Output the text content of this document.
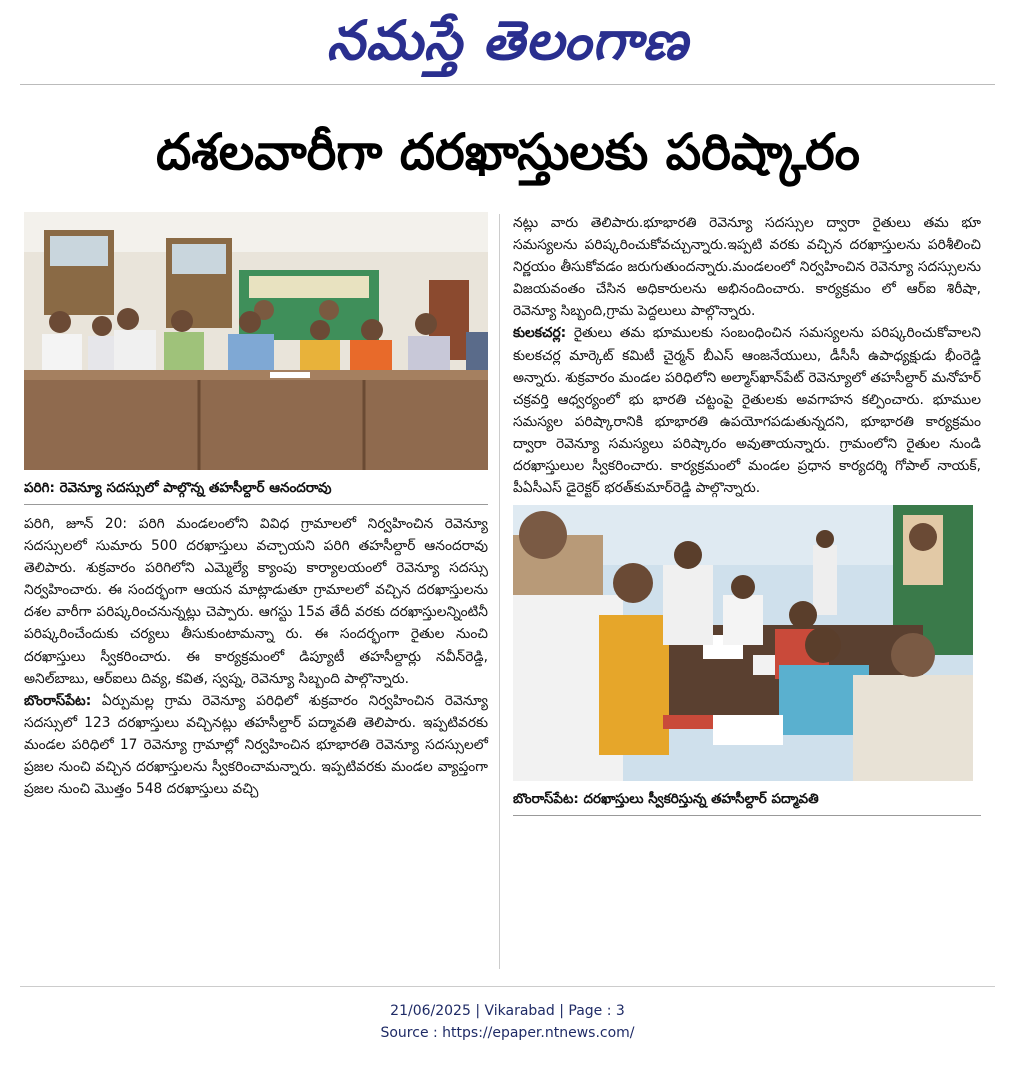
నమస్తే తెలంగాణ
దశలవారీగా దరఖాస్తులకు పరిష్కారం
పరిగి: రెవెన్యూ సదస్సులో పాల్గొన్న తహసీల్దార్ ఆనందరావు

పరిగి, జూన్ 20: పరిగి మండలంలోని వివిధ గ్రామాలలో నిర్వహించిన రెవెన్యూ సదస్సులలో సుమారు 500 దరఖాస్తులు వచ్చాయని పరిగి తహసీల్దార్ ఆనందరావు తెలిపారు. శుక్రవారం పరిగిలోని ఎమ్మెల్యే క్యాంపు కార్యాలయంలో రెవెన్యూ సదస్సు నిర్వహించారు. ఈ సందర్భంగా ఆయన మాట్లాడుతూ గ్రామాలలో వచ్చిన దరఖాస్తులను దశల వారీగా పరిష్కరించనున్నట్లు చెప్పారు. ఆగస్టు 15వ తేదీ వరకు దరఖాస్తులన్నింటినీ పరిష్కరించేందుకు చర్యలు తీసుకుంటామన్నా రు. ఈ సందర్భంగా రైతుల నుంచి దరఖాస్తులు స్వీకరించారు. ఈ కార్యక్రమంలో డిప్యూటీ తహసీల్దార్లు నవీన్‌రెడ్డి, అనిల్‌బాబు, ఆర్‌ఐలు దివ్య, కవిత, స్వప్న, రెవెన్యూ సిబ్బంది పాల్గొన్నారు.

బొంరాస్‌పేట: ఏర్పుమల్ల గ్రామ రెవెన్యూ పరిధిలో శుక్రవారం నిర్వహించిన రెవెన్యూ సదస్సులో 123 దరఖాస్తులు వచ్చినట్లు తహసీల్దార్ పద్మావతి తెలిపారు. ఇప్పటివరకు మండల పరిధిలో 17 రెవెన్యూ గ్రామాల్లో నిర్వహించిన భూభారతి రెవెన్యూ సదస్సులలో ప్రజల నుంచి వచ్చిన దరఖాస్తులను స్వీకరించామన్నారు. ఇప్పటివరకు మండల వ్యాప్తంగా ప్రజల నుంచి మొత్తం 548 దరఖాస్తులు వచ్చి

నట్లు వారు తెలిపారు.భూభారతి రెవెన్యూ సదస్సుల ద్వారా రైతులు తమ భూ సమస్యలను పరిష్కరించుకోవచ్చున్నారు.ఇప్పటి వరకు వచ్చిన దరఖాస్తులను పరిశీలించి నిర్ణయం తీసుకోవడం జరుగుతుందన్నారు.మండలంలో నిర్వహించిన రెవెన్యూ సదస్సులను విజయవంతం చేసిన అధికారులను అభినందించారు. కార్యక్రమం లో ఆర్‌ఐ శిరీషా, రెవెన్యూ సిబ్బంది,గ్రామ పెద్దలులు పాల్గొన్నారు.

కులకచర్ల: రైతులు తమ భూములకు సంబంధించిన సమస్యలను పరిష్కరించుకోవాలని కులకచర్ల మార్కెట్ కమిటీ చైర్మన్ బీఎస్ ఆంజనేయులు, డీసీసీ ఉపాధ్యక్షుడు భీంరెడ్డి అన్నారు. శుక్రవారం మండల పరిధిలోని అల్మాస్‌ఖాన్‌పేట్ రెవెన్యూలో తహసీల్దార్ మనోహర్ చక్రవర్తి ఆధ్వర్యంలో భు భారతి చట్టంపై రైతులకు అవగాహన కల్పించారు. భూముల సమస్యల పరిష్కారానికి భూభారతి ఉపయోగపడుతున్నదని, భూభారతి కార్యక్రమం ద్వారా రెవెన్యూ సమస్యలు పరిష్కారం అవుతాయన్నారు. గ్రామంలోని రైతుల నుండి దరఖాస్తులుల స్వీకరించారు. కార్యక్రమంలో మండల ప్రధాన కార్యదర్శి గోపాల్ నాయక్, పీఏసీఎస్ డైరెక్టర్ భరత్‌కుమార్‌రెడ్డి పాల్గొన్నారు.

బొంరాస్‌పేట: దరఖాస్తులు స్వీకరిస్తున్న తహసీల్దార్ పద్మావతి
21/06/2025 | Vikarabad | Page : 3
Source : https://epaper.ntnews.com/
